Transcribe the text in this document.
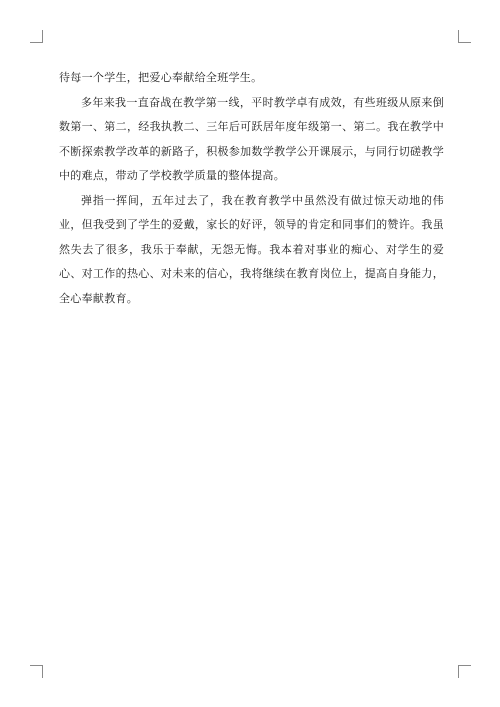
待每一个学生，把爱心奉献给全班学生。

多年来我一直奋战在教学第一线，平时教学卓有成效，有些班级从原来倒数第一、第二，经我执教二、三年后可跃居年度年级第一、第二。我在教学中不断探索教学改革的新路子，积极参加数学教学公开课展示，与同行切磋教学中的难点，带动了学校教学质量的整体提高。

弹指一挥间，五年过去了，我在教育教学中虽然没有做过惊天动地的伟业，但我受到了学生的爱戴，家长的好评，领导的肯定和同事们的赞许。我虽然失去了很多，我乐于奉献，无怨无悔。我本着对事业的痴心、对学生的爱心、对工作的热心、对未来的信心，我将继续在教育岗位上，提高自身能力，全心奉献教育。
